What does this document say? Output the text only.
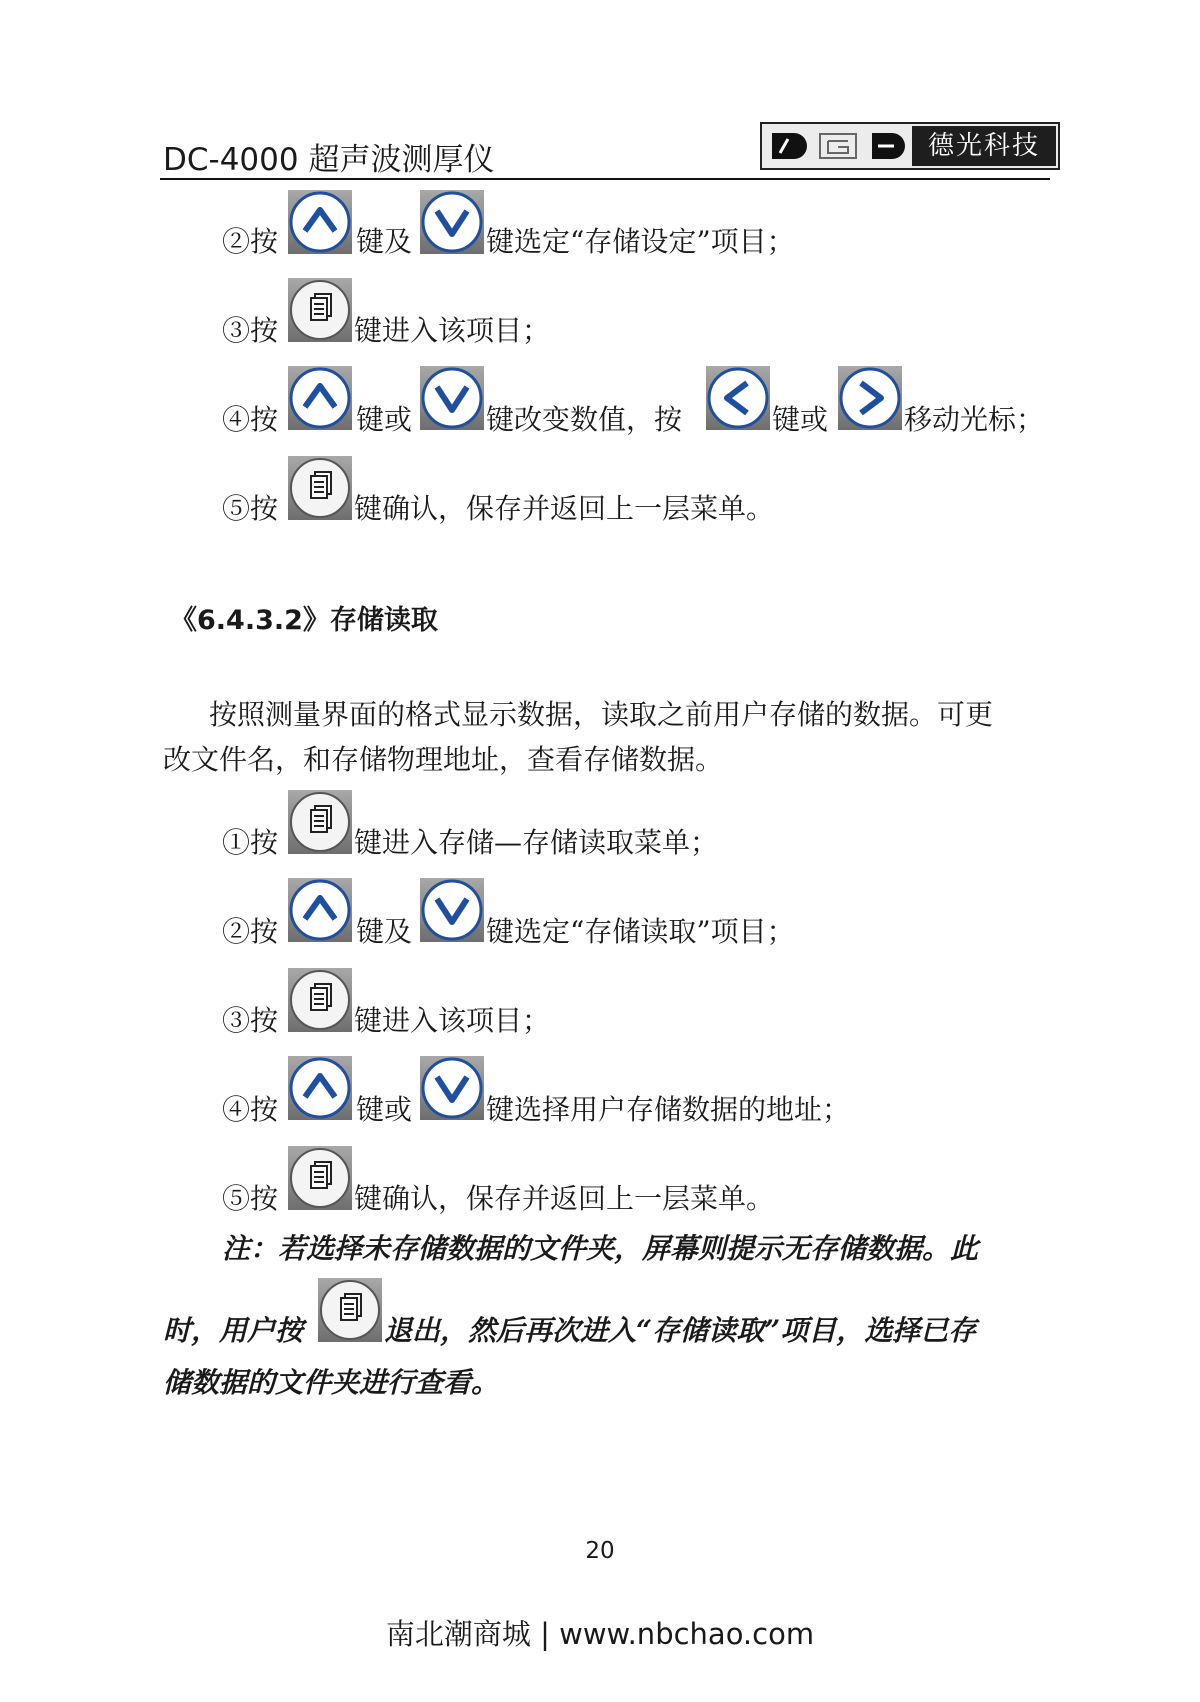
DC-4000 超声波测厚仪	德光科技
②按	键及	键选定“存储设定”项目；
③按	键进入该项目；
④按	键或	键改变数值，按	键或	移动光标；
⑤按	键确认，保存并返回上一层菜单。
《6.4.3.2》存储读取
按照测量界面的格式显示数据，读取之前用户存储的数据。可更
改文件名，和存储物理地址，查看存储数据。
①按	键进入存储—存储读取菜单；
②按	键及	键选定“存储读取”项目；
③按	键进入该项目；
④按	键或	键选择用户存储数据的地址；
⑤按	键确认，保存并返回上一层菜单。
注：若选择未存储数据的文件夹，屏幕则提示无存储数据。此
时，用户按	退出，然后再次进入“存储读取”项目，选择已存
储数据的文件夹进行查看。
20
南北潮商城 | www.nbchao.com
